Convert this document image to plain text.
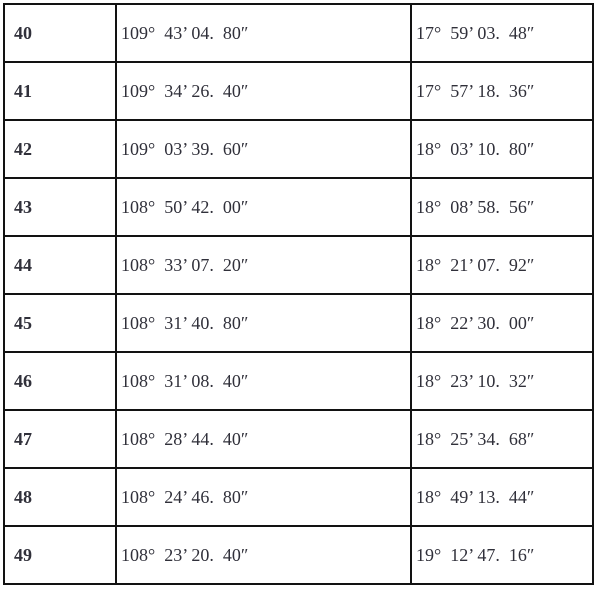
40	109°  43’ 04.  80″	17°  59’ 03.  48″
41	109°  34’ 26.  40″	17°  57’ 18.  36″
42	109°  03’ 39.  60″	18°  03’ 10.  80″
43	108°  50’ 42.  00″	18°  08’ 58.  56″
44	108°  33’ 07.  20″	18°  21’ 07.  92″
45	108°  31’ 40.  80″	18°  22’ 30.  00″
46	108°  31’ 08.  40″	18°  23’ 10.  32″
47	108°  28’ 44.  40″	18°  25’ 34.  68″
48	108°  24’ 46.  80″	18°  49’ 13.  44″
49	108°  23’ 20.  40″	19°  12’ 47.  16″
